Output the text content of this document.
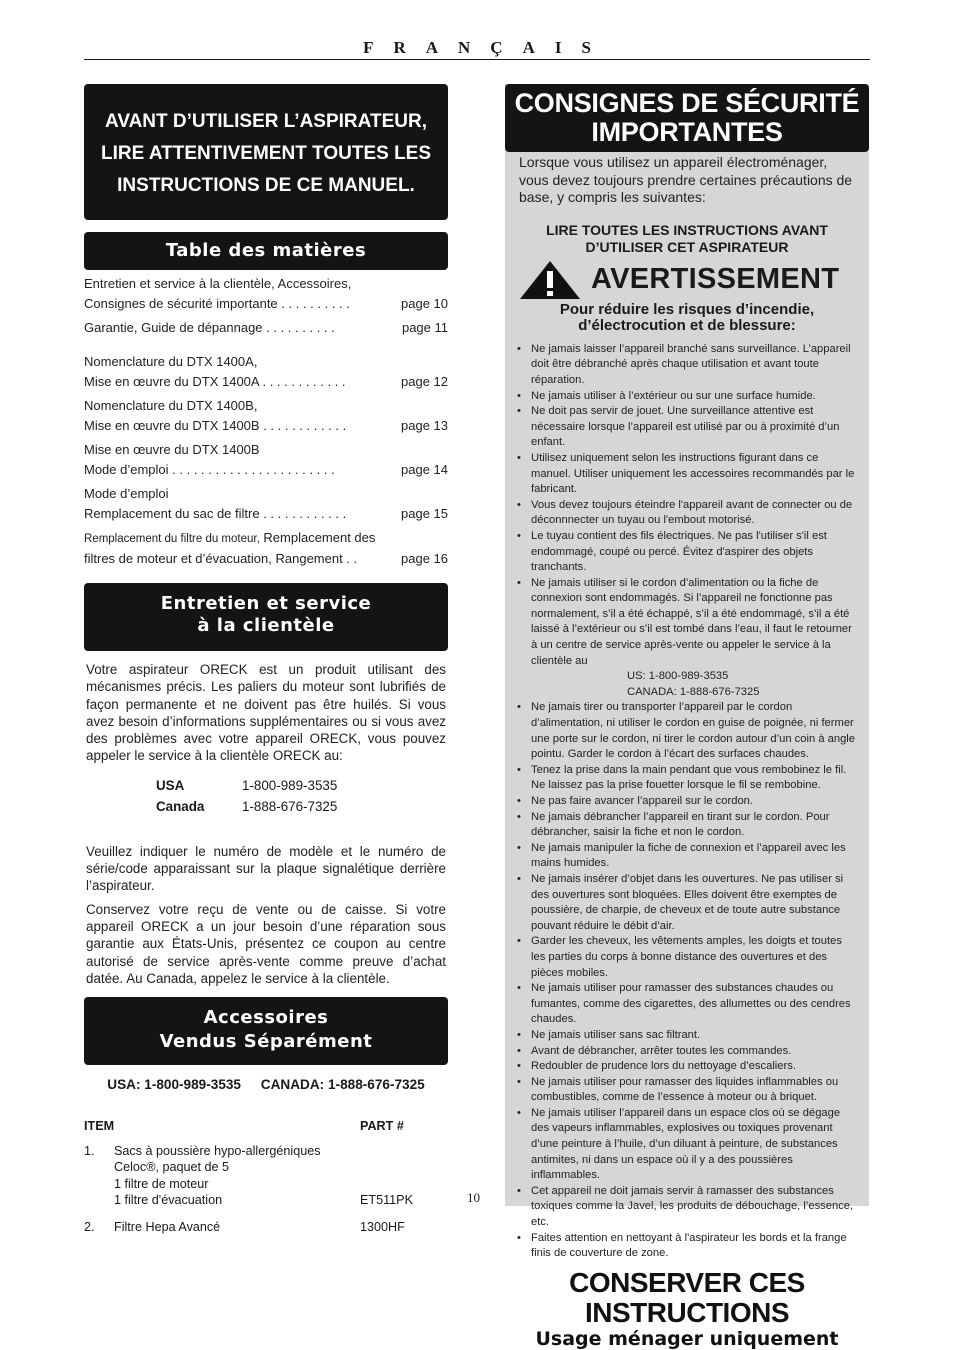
FRANÇAIS
AVANT D’UTILISER L’ASPIRATEUR,
LIRE ATTENTIVEMENT TOUTES LES
INSTRUCTIONS DE CE MANUEL.
Table des matières
Entretien et service à la clientèle, Accessoires,
Consignes de sécurité importante . . . . . . . . . .	page 10
Garantie, Guide de dépannage . . . . . . . . . .	page 11
Nomenclature du DTX 1400A,
Mise en œuvre du DTX 1400A . . . . . . . . . . . .	page 12
Nomenclature du DTX 1400B,
Mise en œuvre du DTX 1400B . . . . . . . . . . . .	page 13
Mise en œuvre du DTX 1400B
Mode d’emploi . . . . . . . . . . . . . . . . . . . . . . .	page 14
Mode d’emploi
Remplacement du sac de filtre . . . . . . . . . . . .	page 15
Remplacement du filtre du moteur, Remplacement des
filtres de moteur et d’évacuation, Rangement . .	page 16
Entretien et service
à la clientèle

Votre aspirateur ORECK est un produit utilisant des mécanismes précis. Les paliers du moteur sont lubrifiés de façon permanente et ne doivent pas être huilés. Si vous avez besoin d’informations supplémentaires ou si vous avez des problèmes avec votre appareil ORECK, vous pouvez appeler le service à la clientèle ORECK au:

USA	1-800-989-3535
Canada	1-888-676-7325

Veuillez indiquer le numéro de modèle et le numéro de série/code apparaissant sur la plaque signalétique derrière l’aspirateur.

Conservez votre reçu de vente ou de caisse. Si votre appareil ORECK a un jour besoin d’une réparation sous garantie aux États-Unis, présentez ce coupon au centre autorisé de service après-vente comme preuve d’achat datée. Au Canada, appelez le service à la clientèle.

Accessoires
Vendus Séparément
USA: 1-800-989-3535 CANADA: 1-888-676-7325
ITEM	PART #
1. Sacs à poussière hypo-allergéniques
Celoc®, paquet de 5
1 filtre de moteur
1 filtre d'évacuation	ET511PK
2. Filtre Hepa Avancé	1300HF
10
CONSIGNES DE SÉCURITÉ
IMPORTANTES
Lorsque vous utilisez un appareil électroménager, vous devez toujours prendre certaines précautions de base, y compris les suivantes:
LIRE TOUTES LES INSTRUCTIONS AVANT
D’UTILISER CET ASPIRATEUR
AVERTISSEMENT
Pour réduire les risques d’incendie,
d’électrocution et de blessure:
• Ne jamais laisser l’appareil branché sans surveillance. L’appareil doit être débranché après chaque utilisation et avant toute réparation.
• Ne jamais utiliser à l’extérieur ou sur une surface humide.
• Ne doit pas servir de jouet. Une surveillance attentive est nécessaire lorsque l’appareil est utilisé par ou à proximité d’un enfant.
• Utilisez uniquement selon les instructions figurant dans ce manuel. Utiliser uniquement les accessoires recommandés par le fabricant.
• Vous devez toujours éteindre l'appareil avant de connecter ou de déconnnecter un tuyau ou l'embout motorisé.
• Le tuyau contient des fils électriques. Ne pas l'utiliser s'il est endommagé, coupé ou percé. Évitez d'aspirer des objets tranchants.
• Ne jamais utiliser si le cordon d’alimentation ou la fiche de connexion sont endommagés. Si l’appareil ne fonctionne pas normalement, s’il a été échappé, s’il a été endommagé, s’il a été laissé à l’extérieur ou s’il est tombé dans l’eau, il faut le retourner à un centre de service après-vente ou appeler le service à la clientèle au
US: 1-800-989-3535
CANADA: 1-888-676-7325
• Ne jamais tirer ou transporter l’appareil par le cordon d’alimentation, ni utiliser le cordon en guise de poignée, ni fermer une porte sur le cordon, ni tirer le cordon autour d’un coin à angle pointu. Garder le cordon à l’écart des surfaces chaudes.
• Tenez la prise dans la main pendant que vous rembobinez le fil. Ne laissez pas la prise fouetter lorsque le fil se rembobine.
• Ne pas faire avancer l’appareil sur le cordon.
• Ne jamais débrancher l’appareil en tirant sur le cordon. Pour débrancher, saisir la fiche et non le cordon.
• Ne jamais manipuler la fiche de connexion et l’appareil avec les mains humides.
• Ne jamais insérer d’objet dans les ouvertures. Ne pas utiliser si des ouvertures sont bloquées. Elles doivent être exemptes de poussière, de charpie, de cheveux et de toute autre substance pouvant réduire le débit d’air.
• Garder les cheveux, les vêtements amples, les doigts et toutes les parties du corps à bonne distance des ouvertures et des pièces mobiles.
• Ne jamais utiliser pour ramasser des substances chaudes ou fumantes, comme des cigarettes, des allumettes ou des cendres chaudes.
• Ne jamais utiliser sans sac filtrant.
• Avant de débrancher, arrêter toutes les commandes.
• Redoubler de prudence lors du nettoyage d’escaliers.
• Ne jamais utiliser pour ramasser des liquides inflammables ou combustibles, comme de l’essence à moteur ou à briquet.
• Ne jamais utiliser l’appareil dans un espace clos où se dégage des vapeurs inflammables, explosives ou toxiques provenant d’une peinture à l’huile, d’un diluant à peinture, de substances antimites, ni dans un espace où il y a des poussières inflammables.
• Cet appareil ne doit jamais servir à ramasser des substances toxiques comme la Javel, les produits de débouchage, l’essence, etc.
• Faites attention en nettoyant à l'aspirateur les bords et la frange finis de couverture de zone.
CONSERVER CES INSTRUCTIONS
Usage ménager uniquement
